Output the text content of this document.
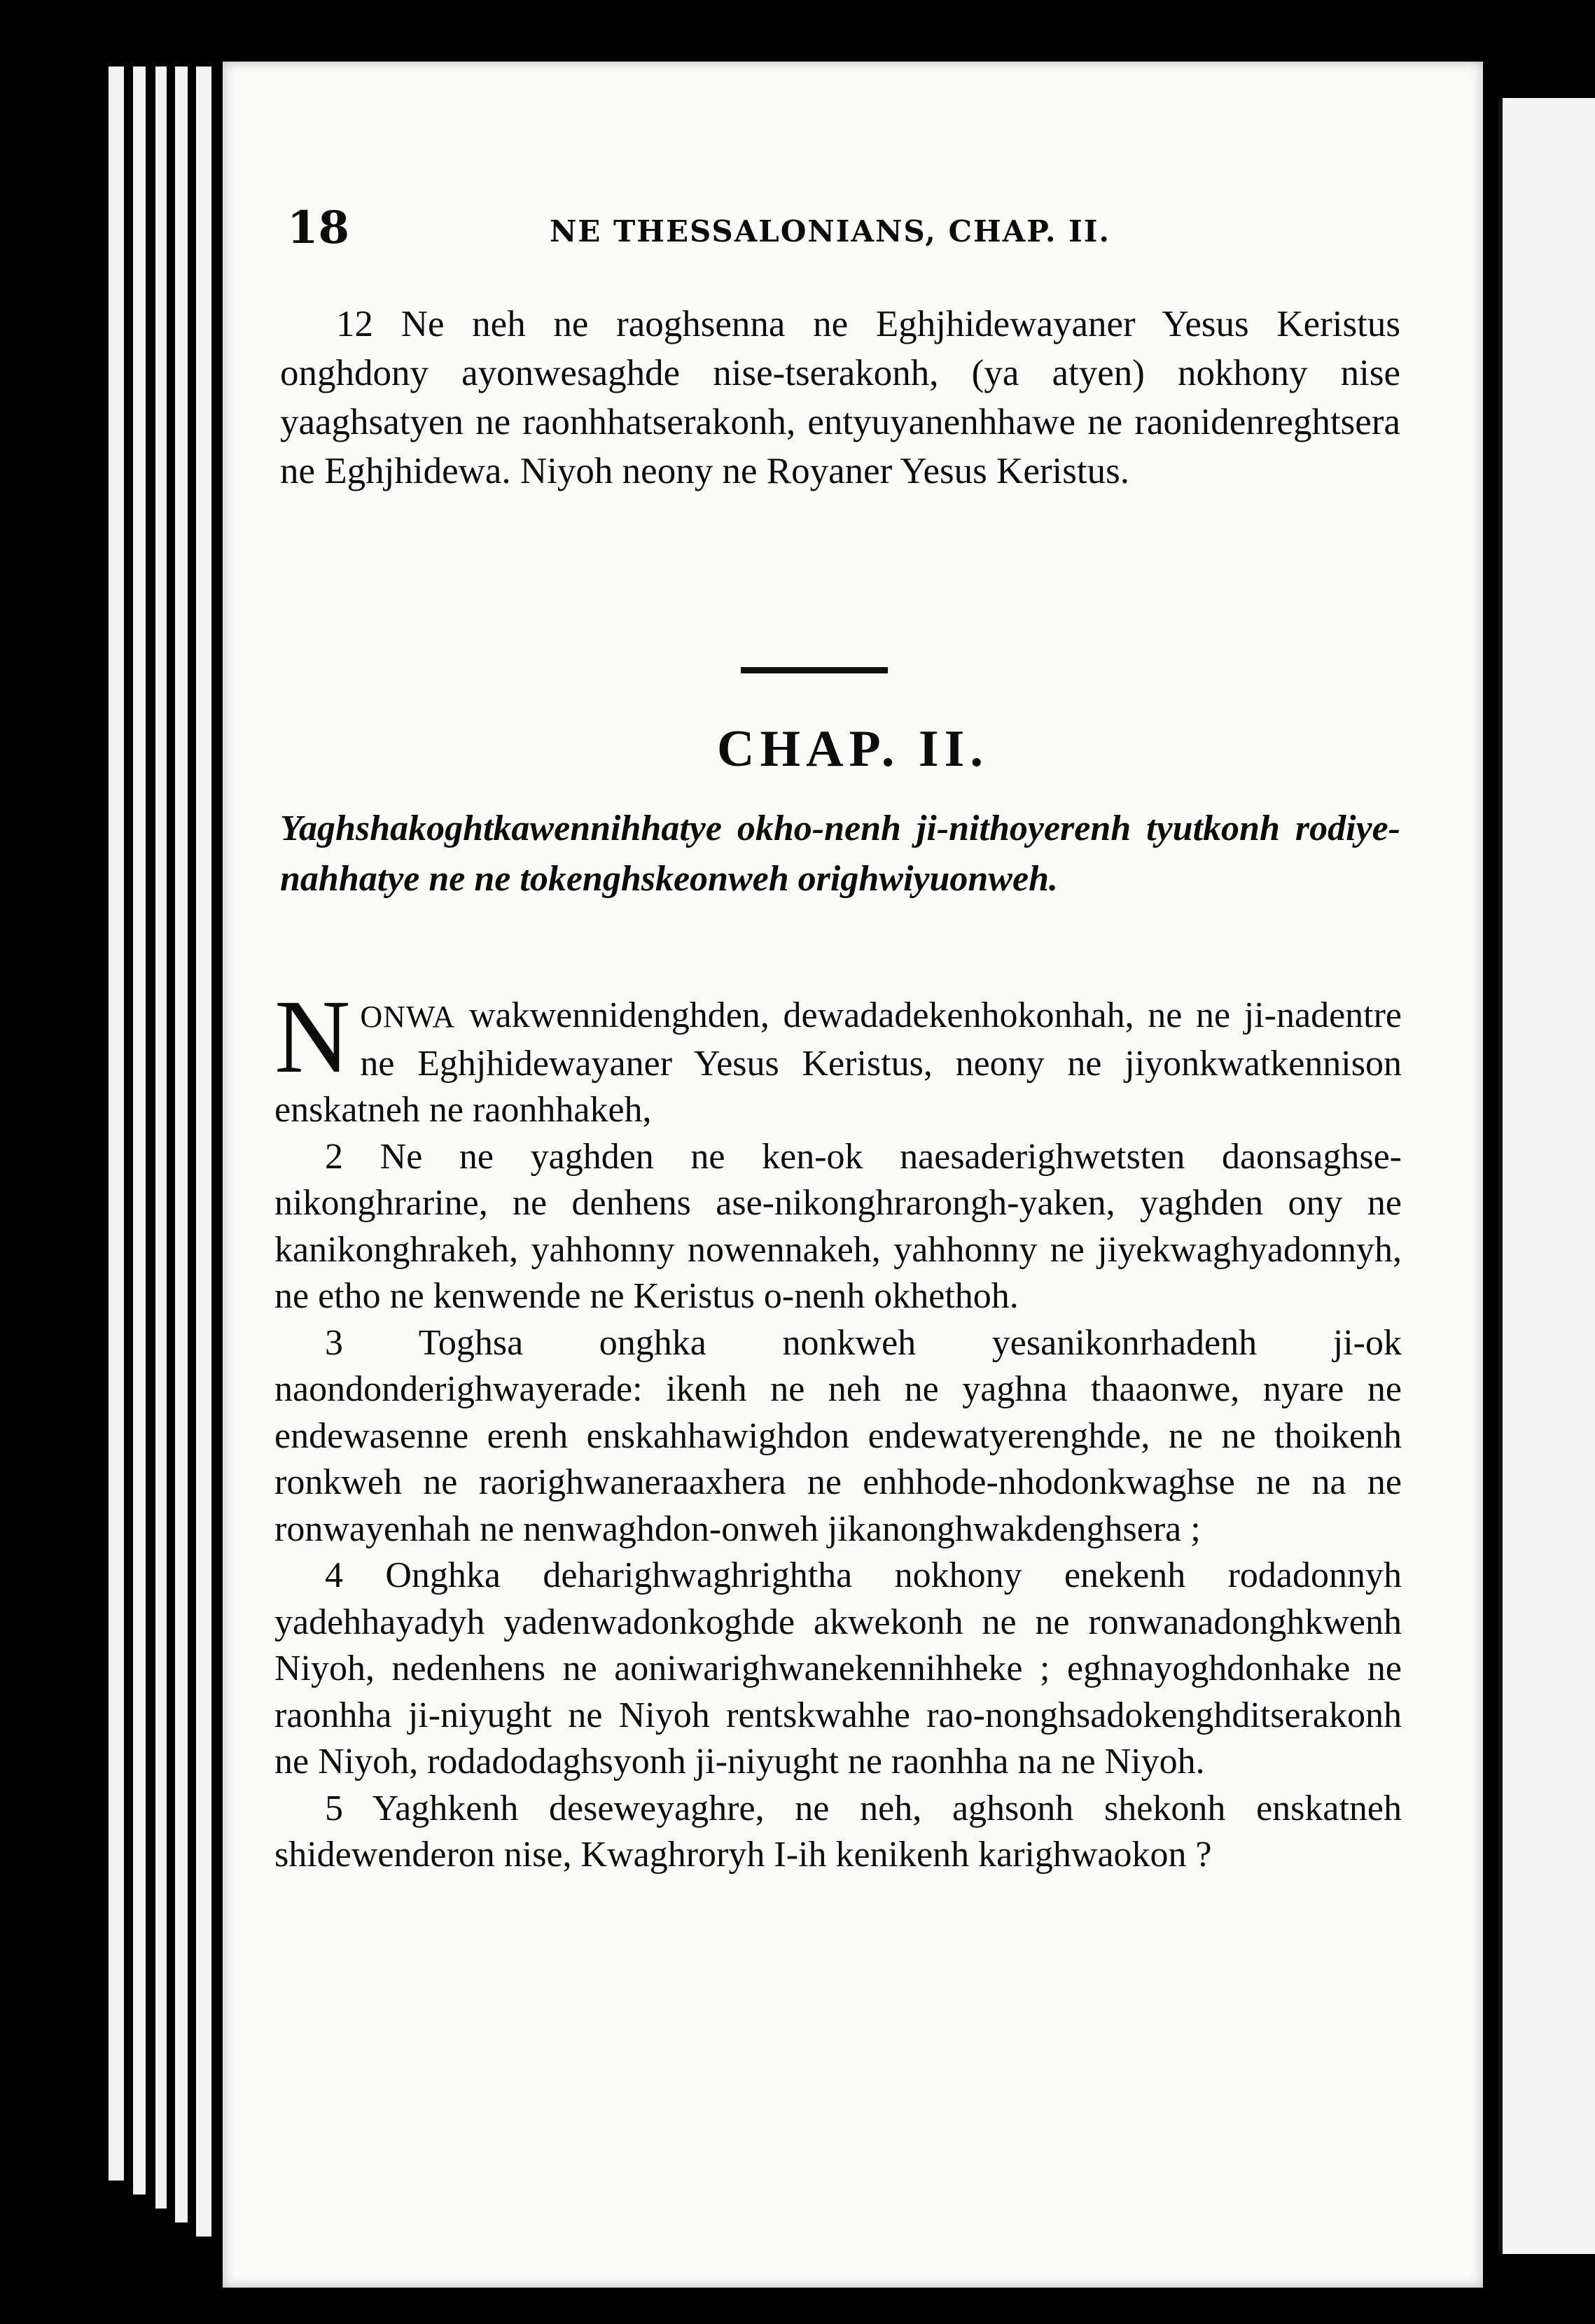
18	NE THESSALONIANS, CHAP. II.
12 Ne neh ne raoghsenna ne Eghjhidewayaner Yesus Keristus onghdony ayonwesaghde nise-tserakonh, (ya atyen) nokhony nise yaaghsatyen ne raonhhatserakonh, entyuyanenhhawe ne raonidenreghtsera ne Eghjhidewa. Niyoh neony ne Royaner Yesus Keristus.
CHAP. II.
Yaghshakoghtkawennihhatye okho-nenh ji-nithoyerenh tyutkonh rodiye-nahhatye ne ne tokenghskeonweh orighwiyuonweh.

NONWA wakwennidenghden, dewadadekenhokonhah, ne ne ji-nadentre ne Eghjhidewayaner Yesus Keristus, neony ne jiyonkwatkennison enskatneh ne raonhhakeh,

2 Ne ne yaghden ne ken-ok naesaderighwetsten daonsaghse-nikonghrarine, ne denhens ase-nikonghrarongh-yaken, yaghden ony ne kanikonghrakeh, yahhonny nowennakeh, yahhonny ne jiyekwaghyadonnyh, ne etho ne kenwende ne Keristus o-nenh okhethoh.

3 Toghsa onghka nonkweh yesanikonrhadenh ji-ok naondonderighwayerade: ikenh ne neh ne yaghna thaaonwe, nyare ne endewasenne erenh enskahhawighdon endewatyerenghde, ne ne thoikenh ronkweh ne raorighwaneraaxhera ne enhhode-nhodonkwaghse ne na ne ronwayenhah ne nenwaghdon-onweh jikanonghwakdenghsera ;

4 Onghka deharighwaghrightha nokhony enekenh rodadonnyh yadehhayadyh yadenwadonkoghde akwekonh ne ne ronwanadonghkwenh Niyoh, nedenhens ne aoniwarighwanekennihheke ; eghnayoghdonhake ne raonhha ji-niyught ne Niyoh rentskwahhe rao-nonghsadokenghditserakonh ne Niyoh, rodadodaghsyonh ji-niyught ne raonhha na ne Niyoh.

5 Yaghkenh deseweyaghre, ne neh, aghsonh shekonh enskatneh shidewenderon nise, Kwaghroryh I-ih kenikenh karighwaokon ?
